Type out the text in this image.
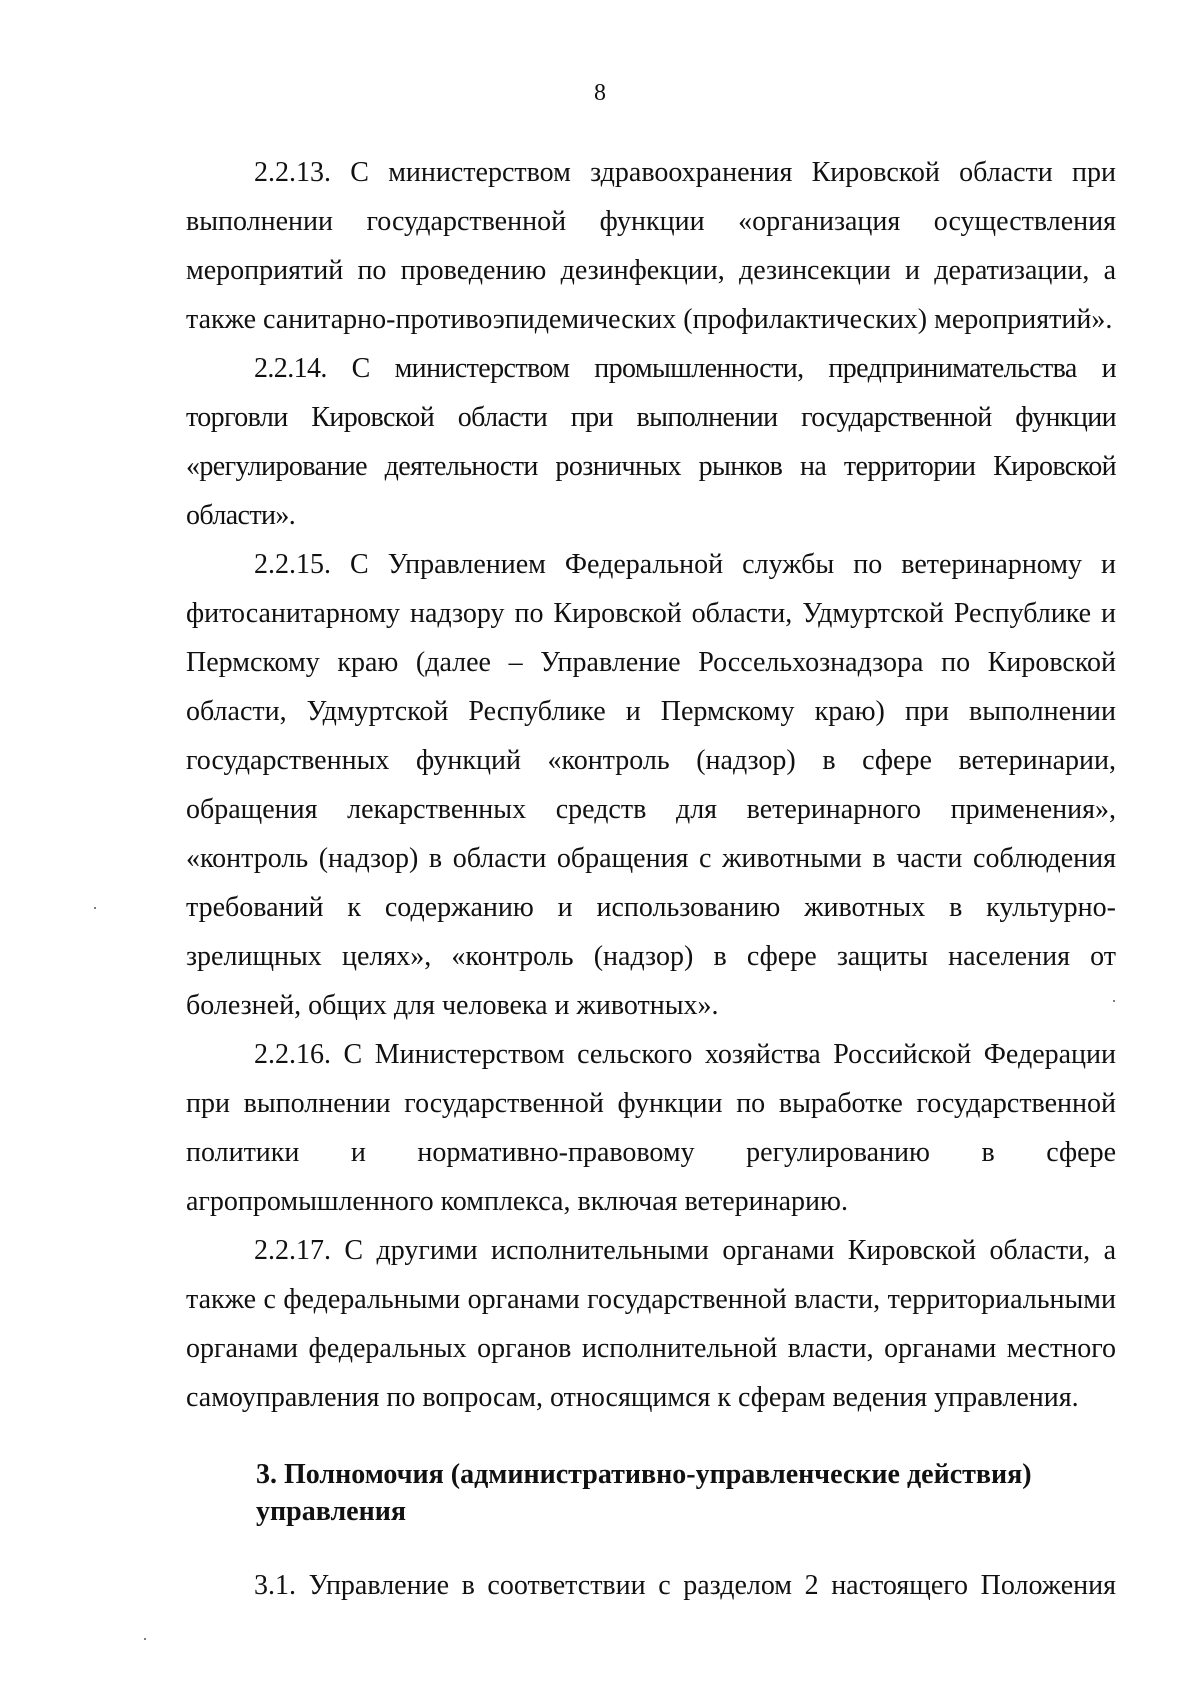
8

2.2.13. С министерством здравоохранения Кировской области при выполнении государственной функции «организация осуществления мероприятий по проведению дезинфекции, дезинсекции и дератизации, а также санитарно-противоэпидемических (профилактических) мероприятий».

2.2.14. С министерством промышленности, предпринимательства и торговли Кировской области при выполнении государственной функции «регулирование деятельности розничных рынков на территории Кировской области».

2.2.15. С Управлением Федеральной службы по ветеринарному и фитосанитарному надзору по Кировской области, Удмуртской Республике и Пермскому краю (далее – Управление Россельхознадзора по Кировской области, Удмуртской Республике и Пермскому краю) при выполнении государственных функций «контроль (надзор) в сфере ветеринарии, обращения лекарственных средств для ветеринарного применения», «контроль (надзор) в области обращения с животными в части соблюдения требований к содержанию и использованию животных в культурно-зрелищных целях», «контроль (надзор) в сфере защиты населения от болезней, общих для человека и животных».

2.2.16. С Министерством сельского хозяйства Российской Федерации при выполнении государственной функции по выработке государственной политики и нормативно-правовому регулированию в сфере агропромышленного комплекса, включая ветеринарию.

2.2.17. С другими исполнительными органами Кировской области, а также с федеральными органами государственной власти, территориальными органами федеральных органов исполнительной власти, органами местного самоуправления по вопросам, относящимся к сферам ведения управления.

3. Полномочия (административно-управленческие действия) управления

3.1. Управление в соответствии с разделом 2 настоящего Положения
